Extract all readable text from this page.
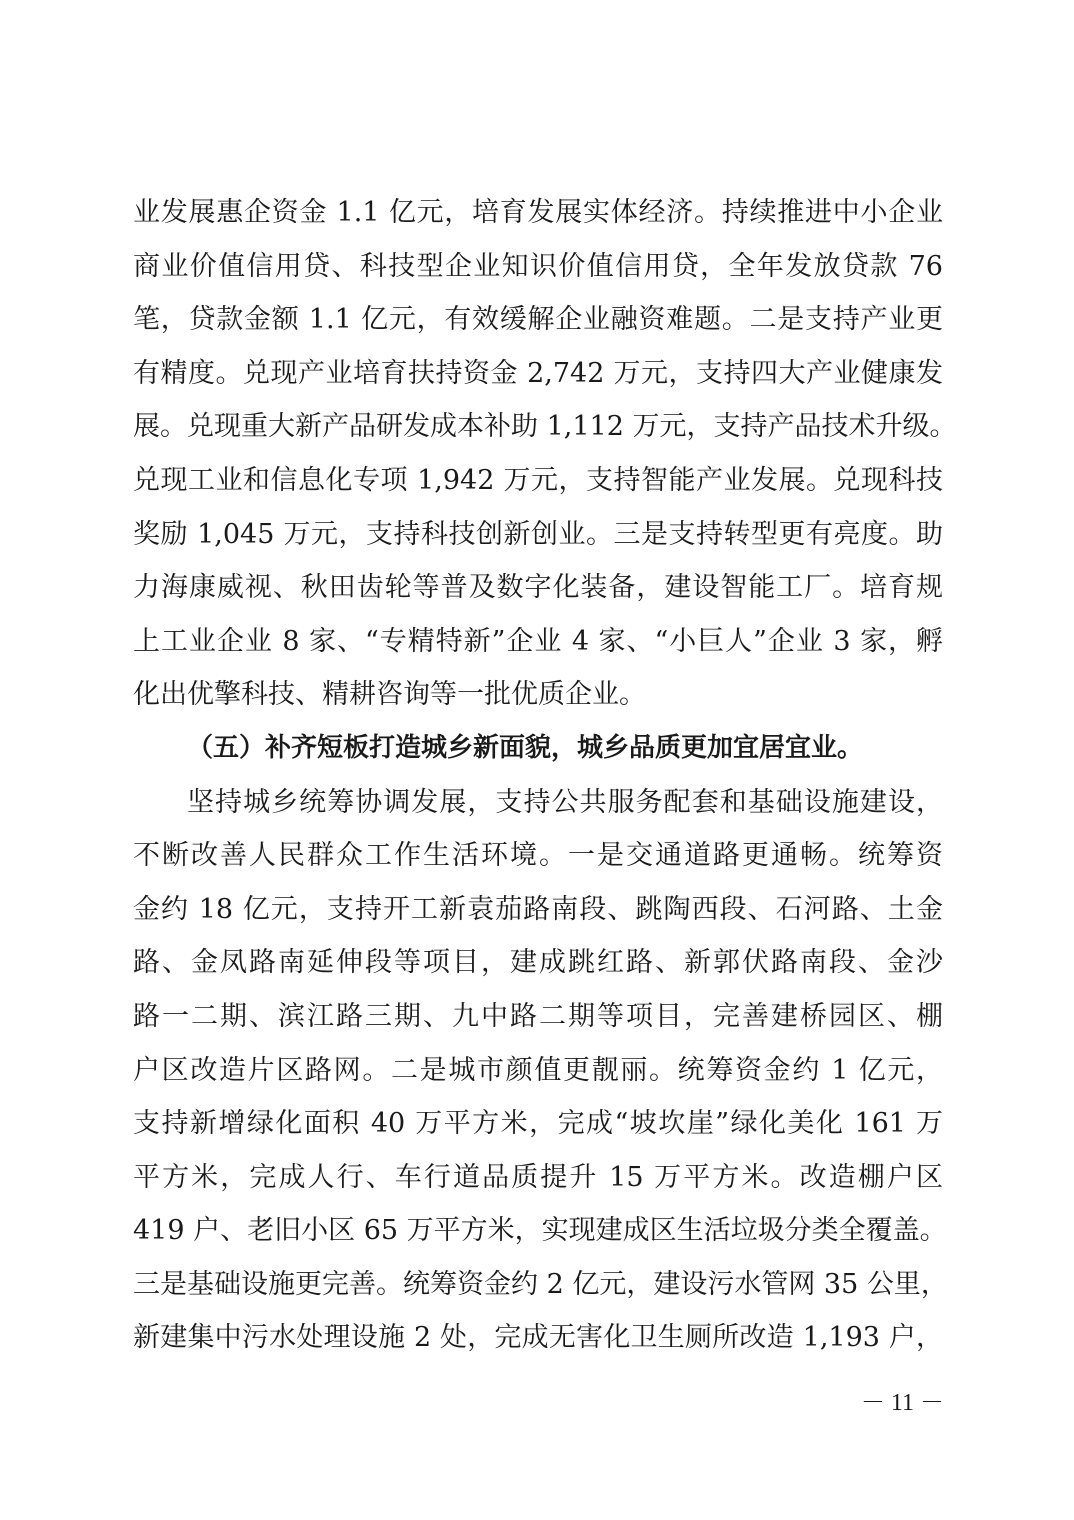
业发展惠企资金 1.1 亿元，培育发展实体经济。持续推进中小企业
商业价值信用贷、科技型企业知识价值信用贷，全年发放贷款 76
笔，贷款金额 1.1 亿元，有效缓解企业融资难题。二是支持产业更
有精度。兑现产业培育扶持资金 2,742 万元，支持四大产业健康发
展。兑现重大新产品研发成本补助 1,112 万元，支持产品技术升级。
兑现工业和信息化专项 1,942 万元，支持智能产业发展。兑现科技
奖励 1,045 万元，支持科技创新创业。三是支持转型更有亮度。助
力海康威视、秋田齿轮等普及数字化装备，建设智能工厂。培育规
上工业企业 8 家、“专精特新”企业 4 家、“小巨人”企业 3 家，孵
化出优擎科技、精耕咨询等一批优质企业。
（五）补齐短板打造城乡新面貌，城乡品质更加宜居宜业。
坚持城乡统筹协调发展，支持公共服务配套和基础设施建设，
不断改善人民群众工作生活环境。一是交通道路更通畅。统筹资
金约 18 亿元，支持开工新袁茄路南段、跳陶西段、石河路、土金
路、金凤路南延伸段等项目，建成跳红路、新郭伏路南段、金沙
路一二期、滨江路三期、九中路二期等项目，完善建桥园区、棚
户区改造片区路网。二是城市颜值更靓丽。统筹资金约 1 亿元，
支持新增绿化面积 40 万平方米，完成“坡坎崖”绿化美化 161 万
平方米，完成人行、车行道品质提升 15 万平方米。改造棚户区
419 户、老旧小区 65 万平方米，实现建成区生活垃圾分类全覆盖。
三是基础设施更完善。统筹资金约 2 亿元，建设污水管网 35 公里，
新建集中污水处理设施 2 处，完成无害化卫生厕所改造 1,193 户，
－ 11 －
